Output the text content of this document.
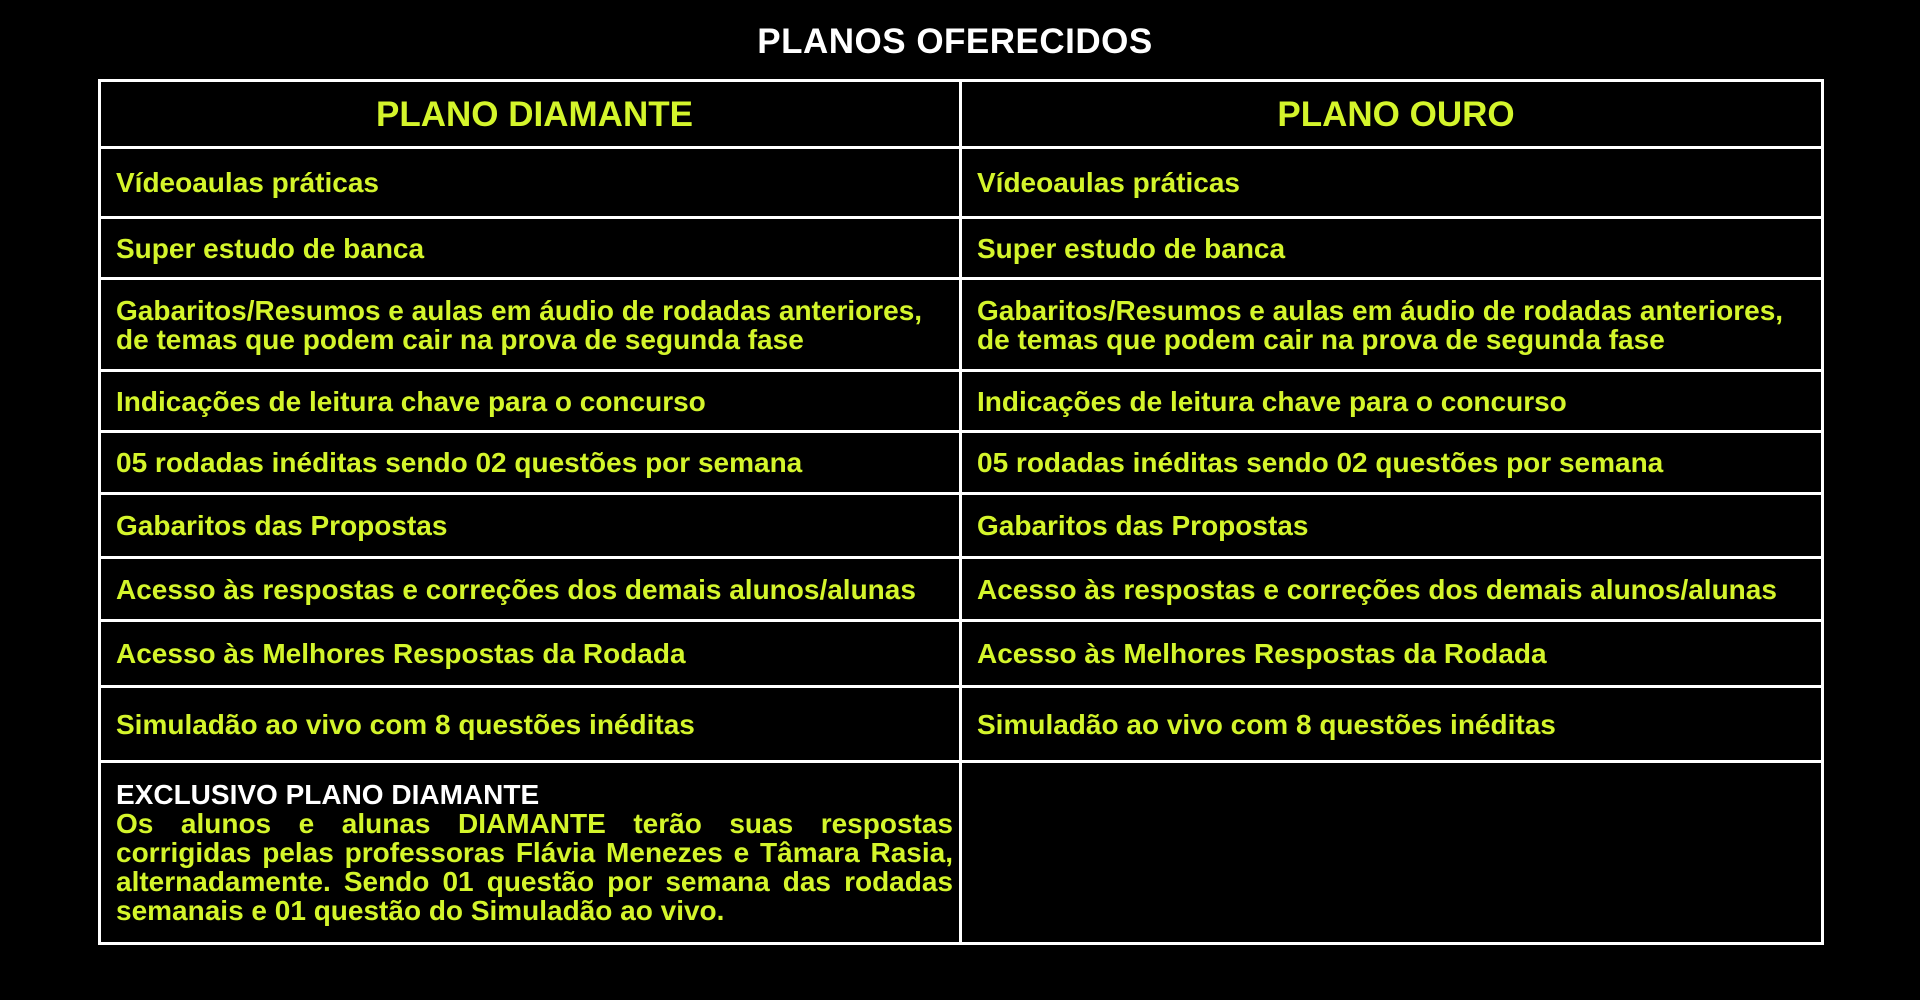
PLANOS OFERECIDOS
PLANO DIAMANTE	PLANO OURO
Vídeoaulas práticas	Vídeoaulas práticas
Super estudo de banca	Super estudo de banca
Gabaritos/Resumos e aulas em áudio de rodadas anteriores, de temas que podem cair na prova de segunda fase	Gabaritos/Resumos e aulas em áudio de rodadas anteriores, de temas que podem cair na prova de segunda fase
Indicações de leitura chave para o concurso	Indicações de leitura chave para o concurso
05 rodadas inéditas sendo 02 questões por semana	05 rodadas inéditas sendo 02 questões por semana
Gabaritos das Propostas	Gabaritos das Propostas
Acesso às respostas e correções dos demais alunos/alunas	Acesso às respostas e correções dos demais alunos/alunas
Acesso às Melhores Respostas da Rodada	Acesso às Melhores Respostas da Rodada
Simuladão ao vivo com 8 questões inéditas	Simuladão ao vivo com 8 questões inéditas

EXCLUSIVO PLANO DIAMANTE
Os alunos e alunas DIAMANTE terão suas respostas corrigidas pelas professoras Flávia Menezes e Tâmara Rasia, alternadamente. Sendo 01 questão por semana das rodadas semanais e 01 questão do Simuladão ao vivo.	
